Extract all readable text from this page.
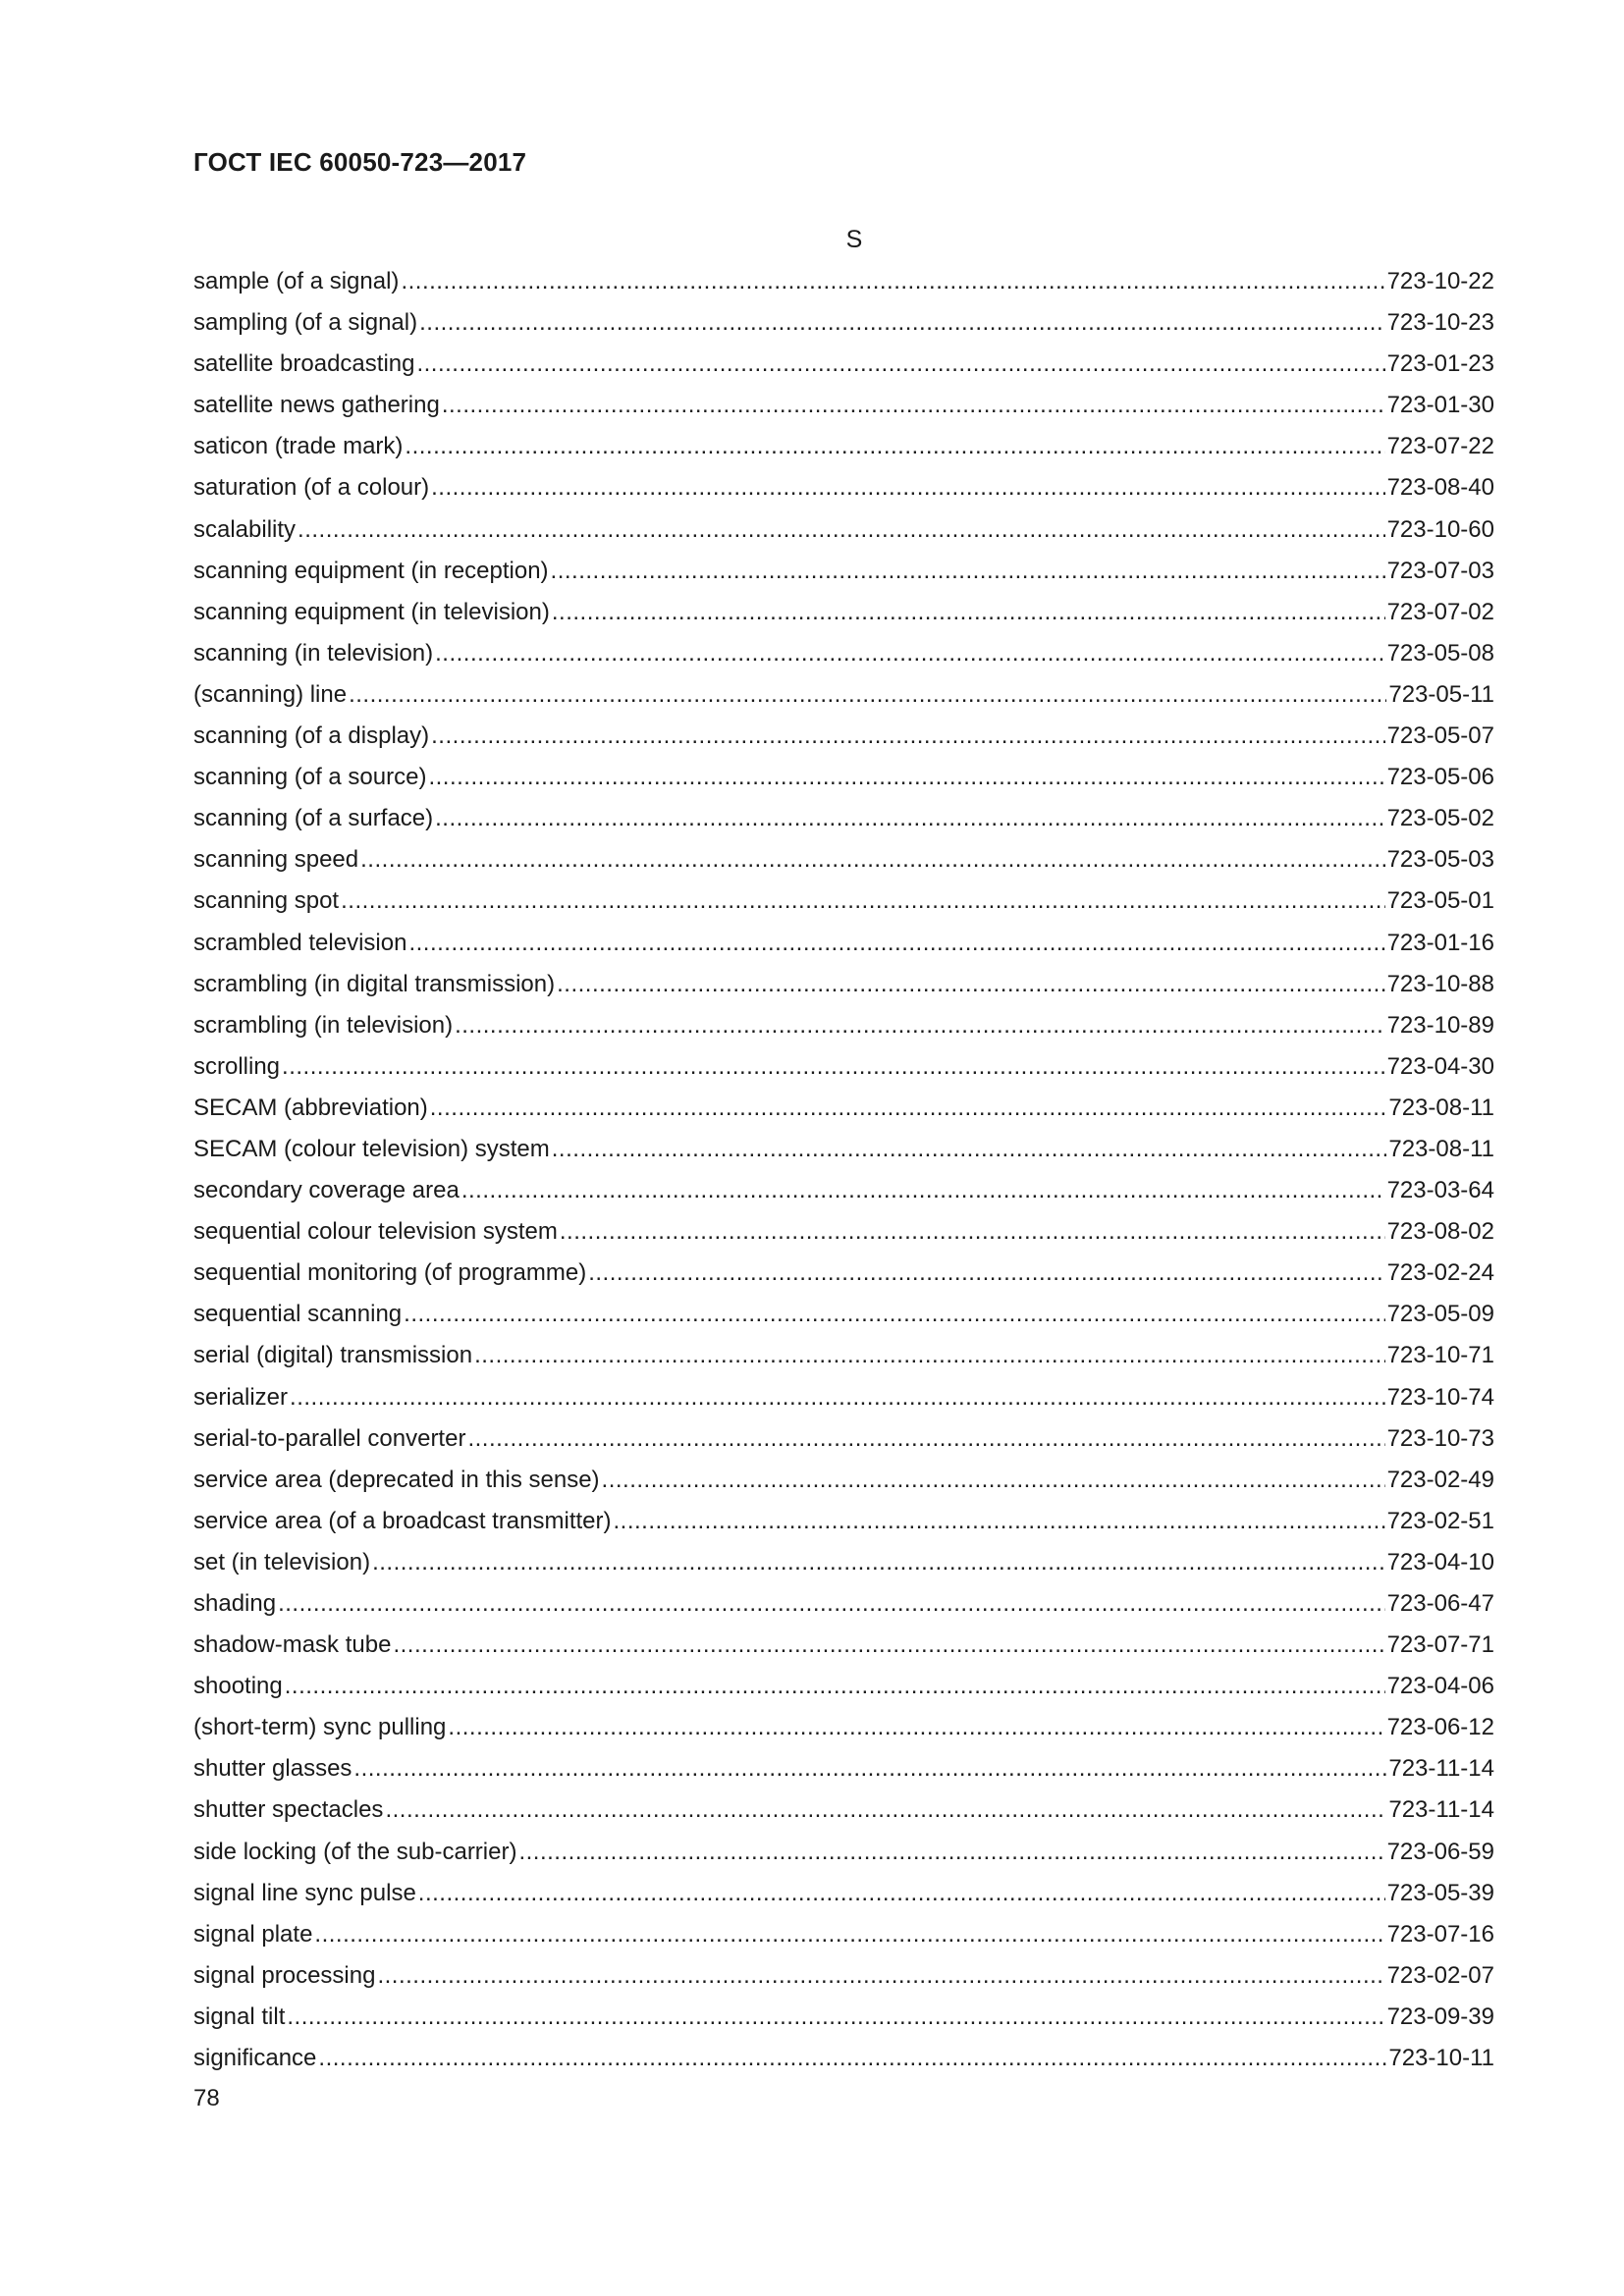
ГОСТ IEC 60050-723—2017
S
sample (of a signal) .....	723-10-22
sampling (of a signal) .....	723-10-23
satellite broadcasting .....	723-01-23
satellite news gathering .....	723-01-30
saticon (trade mark) .....	723-07-22
saturation (of a colour) .....	723-08-40
scalability .....	723-10-60
scanning equipment (in reception) .....	723-07-03
scanning equipment (in television) .....	723-07-02
scanning (in television) .....	723-05-08
(scanning) line .....	723-05-11
scanning (of a display) .....	723-05-07
scanning (of a source) .....	723-05-06
scanning (of a surface) .....	723-05-02
scanning speed .....	723-05-03
scanning spot .....	723-05-01
scrambled television .....	723-01-16
scrambling (in digital transmission) .....	723-10-88
scrambling (in television) .....	723-10-89
scrolling .....	723-04-30
SECAM (abbreviation) .....	723-08-11
SECAM (colour television) system .....	723-08-11
secondary coverage area .....	723-03-64
sequential colour television system .....	723-08-02
sequential monitoring (of programme) .....	723-02-24
sequential scanning .....	723-05-09
serial (digital) transmission .....	723-10-71
serializer .....	723-10-74
serial-to-parallel converter .....	723-10-73
service area (deprecated in this sense) .....	723-02-49
service area (of a broadcast transmitter) .....	723-02-51
set (in television) .....	723-04-10
shading .....	723-06-47
shadow-mask tube .....	723-07-71
shooting .....	723-04-06
(short-term) sync pulling .....	723-06-12
shutter glasses .....	723-11-14
shutter spectacles .....	723-11-14
side locking (of the sub-carrier) .....	723-06-59
signal line sync pulse .....	723-05-39
signal plate .....	723-07-16
signal processing .....	723-02-07
signal tilt .....	723-09-39
significance .....	723-10-11
78
